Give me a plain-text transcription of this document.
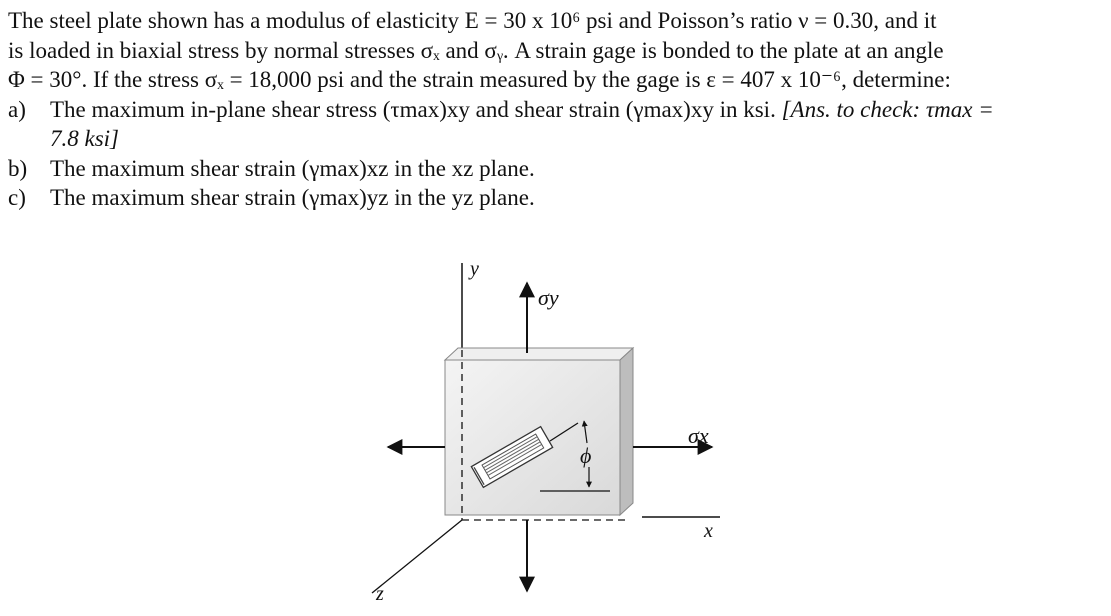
The steel plate shown has a modulus of elasticity E = 30 x 10⁶ psi and Poisson’s ratio ν = 0.30, and it
is loaded in biaxial stress by normal stresses σₓ and σᵧ. A strain gage is bonded to the plate at an angle
Φ = 30°. If the stress σₓ = 18,000 psi and the strain measured by the gage is ε = 407 x 10⁻⁶, determine:
a)	The maximum in-plane shear stress (τmax)xy and shear strain (γmax)xy in ksi. [Ans. to check: τmax =
7.8 ksi]
b) The maximum shear strain (γmax)xz in the xz plane.
c)	The maximum shear strain (γmax)yz in the yz plane.
y
x
z
σy
σx
ϕ
